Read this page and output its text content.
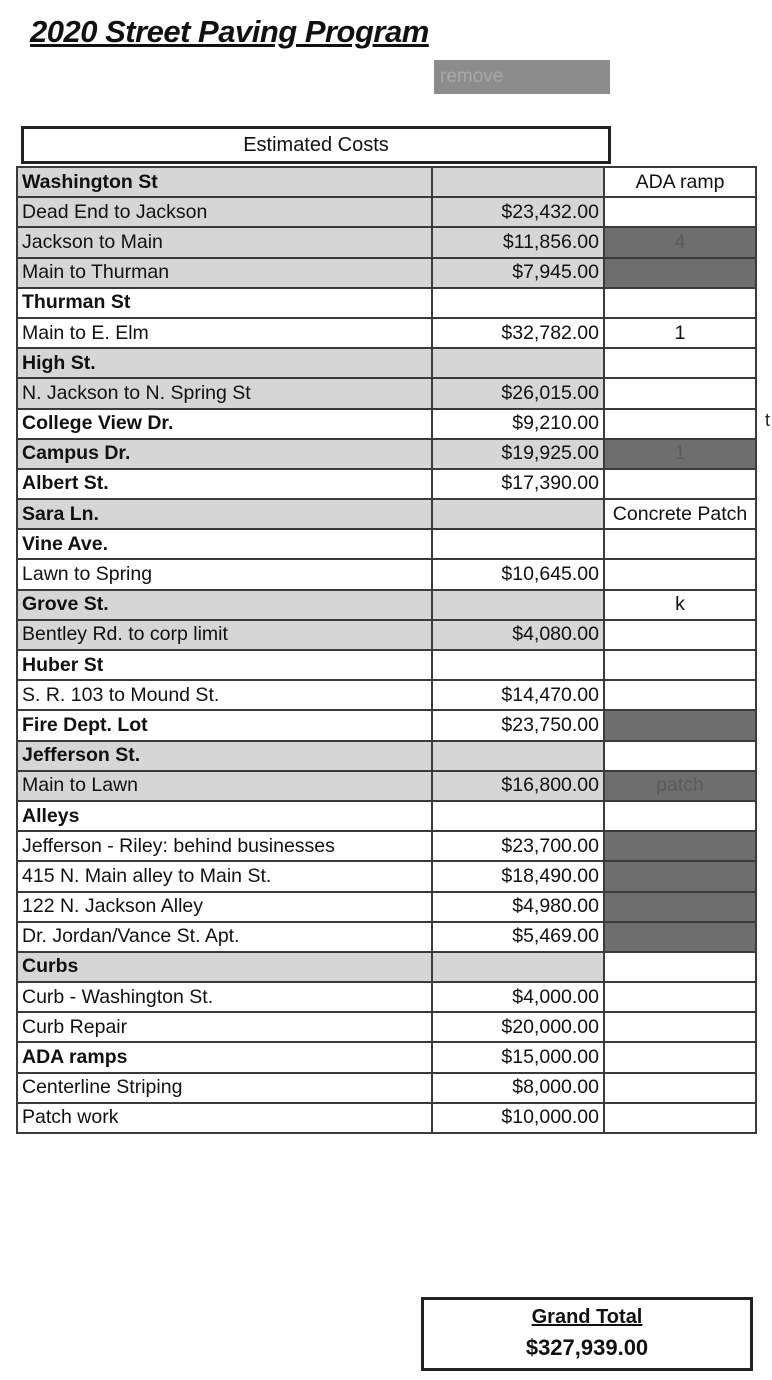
2020 Street Paving Program
remove
Estimated Costs
Washington St		ADA ramp
Dead End to Jackson	$23,432.00	
Jackson to Main	$11,856.00	4
Main to Thurman	$7,945.00	
Thurman St		
Main to E. Elm	$32,782.00	1
High St.		
N. Jackson to N. Spring St	$26,015.00	
College View Dr.	$9,210.00	
Campus Dr.	$19,925.00	1
Albert St.	$17,390.00	
Sara Ln.		Concrete Patch
Vine Ave.		
Lawn to Spring	$10,645.00	
Grove St.		k
Bentley Rd. to corp limit	$4,080.00	
Huber St		
S. R. 103 to Mound St.	$14,470.00	
Fire Dept. Lot	$23,750.00	
Jefferson St.		
Main to Lawn	$16,800.00	patch
Alleys		
Jefferson - Riley: behind businesses	$23,700.00	
415 N. Main alley to Main St.	$18,490.00	
122 N. Jackson Alley	$4,980.00	
Dr. Jordan/Vance St. Apt.	$5,469.00	
Curbs		
Curb - Washington St.	$4,000.00	
Curb Repair	$20,000.00	
ADA ramps	$15,000.00	
Centerline Striping	$8,000.00	
Patch work	$10,000.00	
t
Grand Total
$327,939.00
